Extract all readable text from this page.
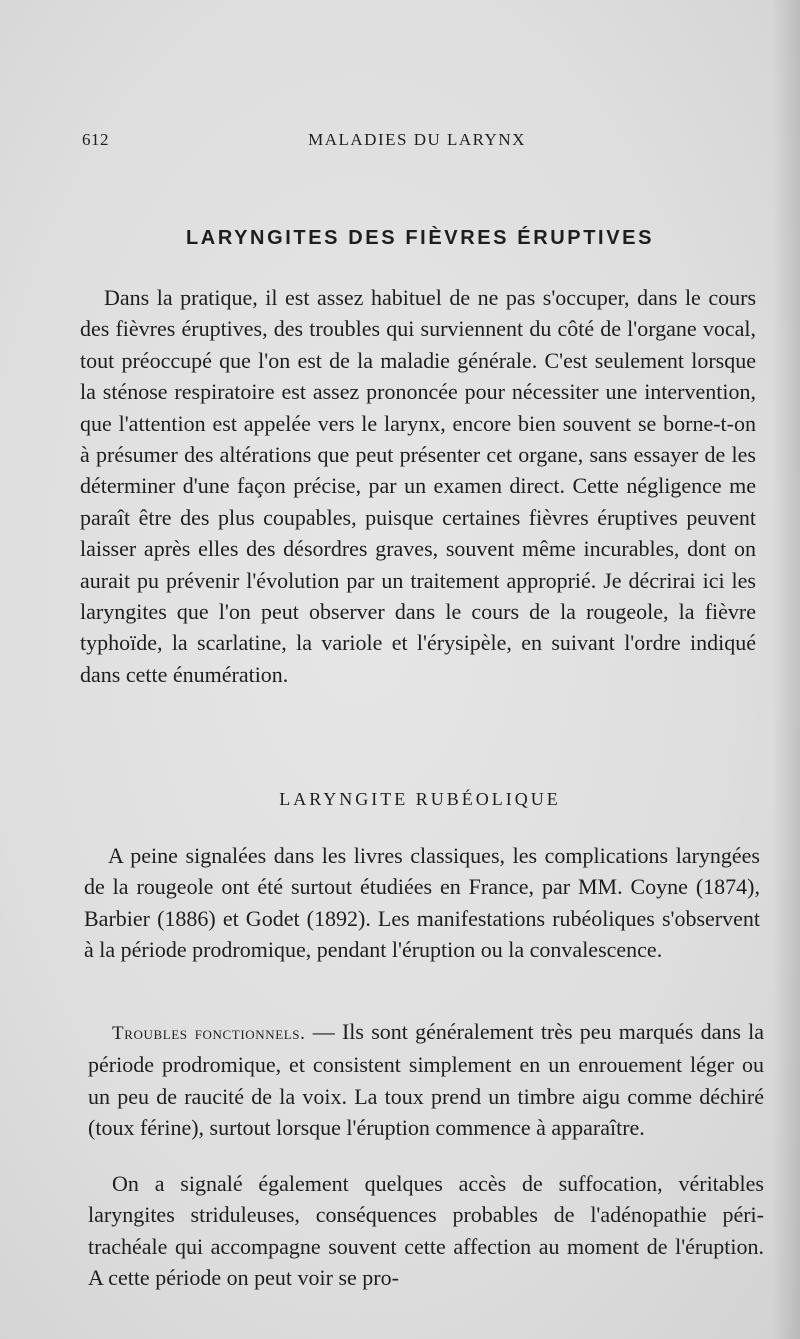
612	MALADIES DU LARYNX
LARYNGITES DES FIÈVRES ÉRUPTIVES

Dans la pratique, il est assez habituel de ne pas s'occuper, dans le cours des fièvres éruptives, des troubles qui surviennent du côté de l'organe vocal, tout préoccupé que l'on est de la maladie générale. C'est seulement lorsque la sténose respiratoire est assez prononcée pour nécessiter une intervention, que l'attention est appelée vers le larynx, encore bien souvent se borne-t-on à présumer des altérations que peut présenter cet organe, sans essayer de les déterminer d'une façon précise, par un examen direct. Cette négligence me paraît être des plus coupables, puisque certaines fièvres éruptives peuvent laisser après elles des désordres graves, souvent même incurables, dont on aurait pu prévenir l'évolution par un traitement approprié. Je décrirai ici les laryngites que l'on peut observer dans le cours de la rougeole, la fièvre typhoïde, la scarlatine, la variole et l'érysipèle, en suivant l'ordre indiqué dans cette énumération.

LARYNGITE RUBÉOLIQUE

A peine signalées dans les livres classiques, les complications laryngées de la rougeole ont été surtout étudiées en France, par MM. Coyne (1874), Barbier (1886) et Godet (1892). Les manifestations rubéoliques s'observent à la période prodromique, pendant l'éruption ou la convalescence.

Troubles fonctionnels. — Ils sont généralement très peu marqués dans la période prodromique, et consistent simplement en un enrouement léger ou un peu de raucité de la voix. La toux prend un timbre aigu comme déchiré (toux férine), surtout lorsque l'éruption commence à apparaître.

On a signalé également quelques accès de suffocation, véritables laryngites striduleuses, conséquences probables de l'adénopathie péri-trachéale qui accompagne souvent cette affection au moment de l'éruption. A cette période on peut voir se pro-
